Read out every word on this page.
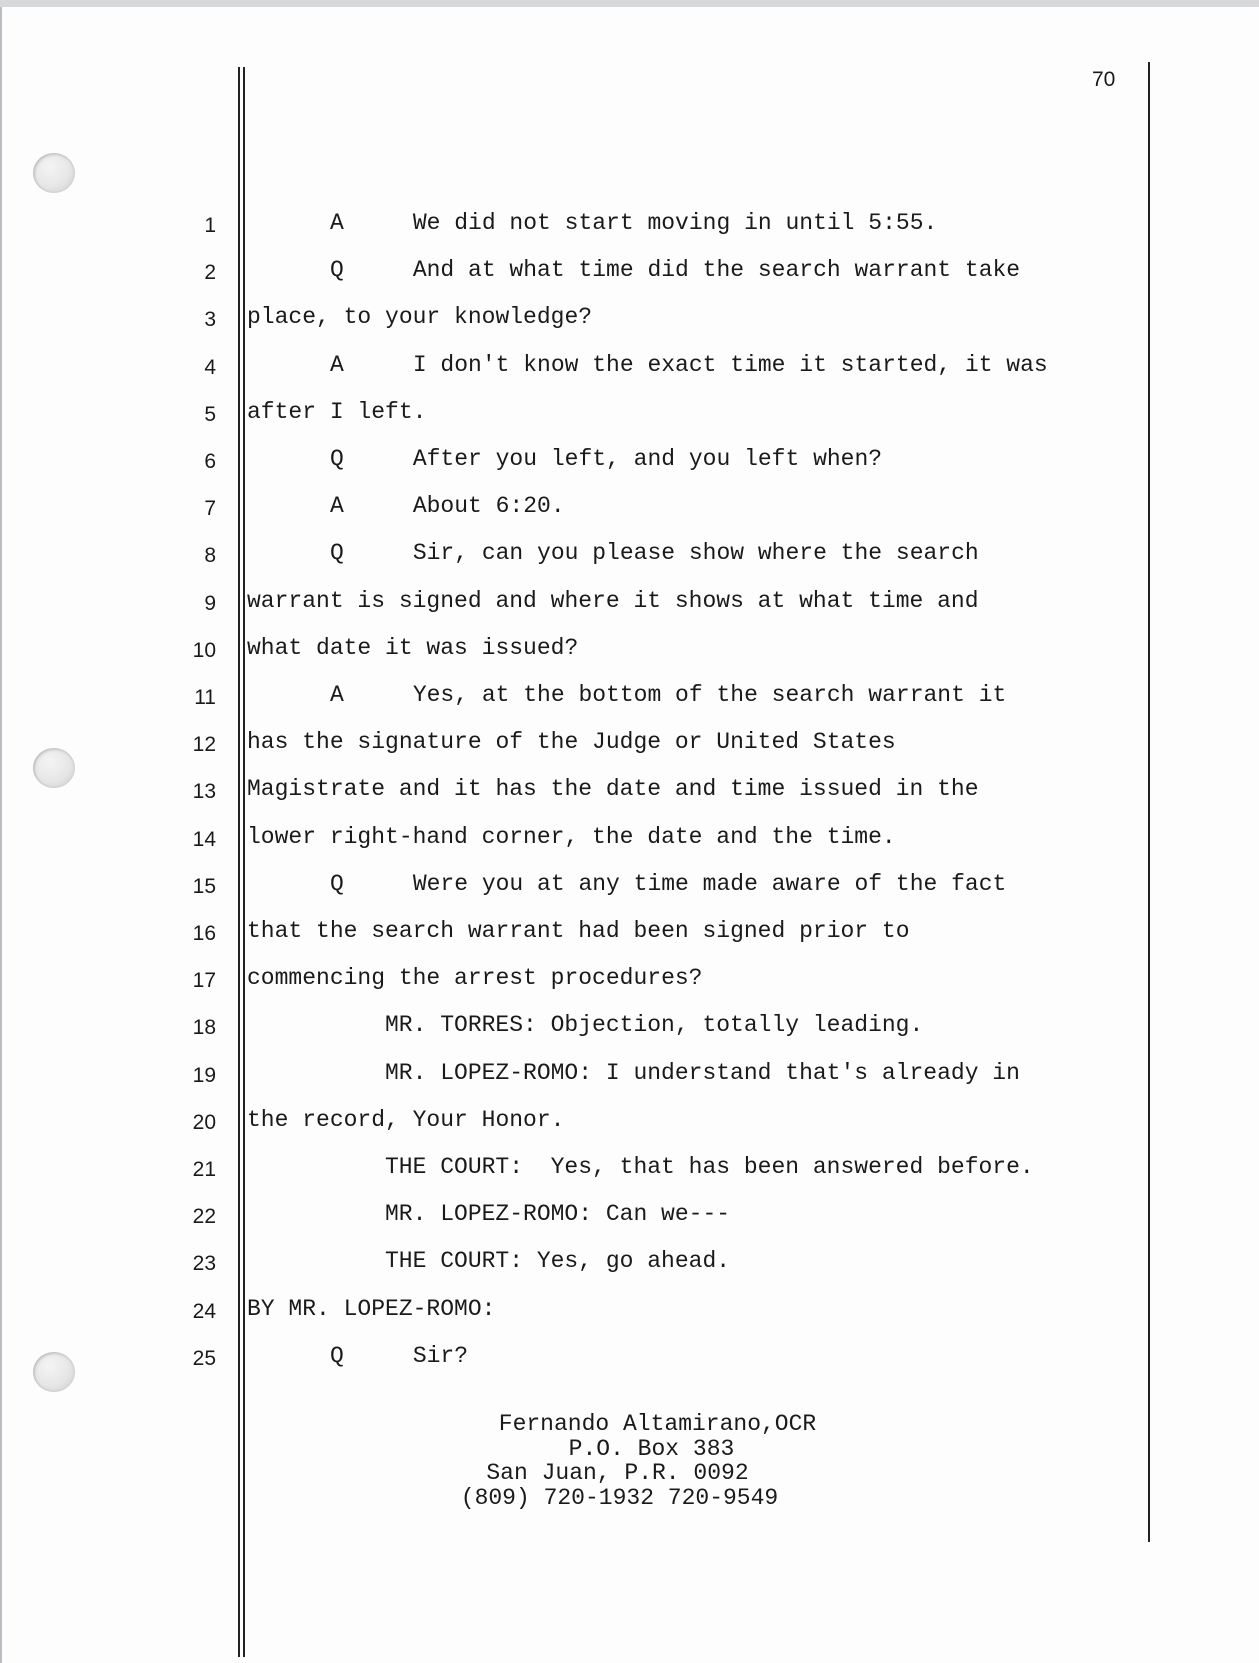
70
1	A     We did not start moving in until 5:55.
2	Q     And at what time did the search warrant take
3 place, to your knowledge?
4	A     I don't know the exact time it started, it was
5 after I left.
6	Q     After you left, and you left when?
7	A     About 6:20.
8	Q     Sir, can you please show where the search
9 warrant is signed and where it shows at what time and
10 what date it was issued?
11	A     Yes, at the bottom of the search warrant it
12 has the signature of the Judge or United States
13 Magistrate and it has the date and time issued in the
14 lower right-hand corner, the date and the time.
15	Q     Were you at any time made aware of the fact
16 that the search warrant had been signed prior to
17 commencing the arrest procedures?
18	MR. TORRES: Objection, totally leading.
19	MR. LOPEZ-ROMO: I understand that's already in
20 the record, Your Honor.
21	THE COURT:  Yes, that has been answered before.
22	MR. LOPEZ-ROMO: Can we---
23	THE COURT: Yes, go ahead.
24 BY MR. LOPEZ-ROMO:
25	Q     Sir?
Fernando Altamirano,OCR
P.O. Box 383
San Juan, P.R. 0092
(809) 720-1932 720-9549
